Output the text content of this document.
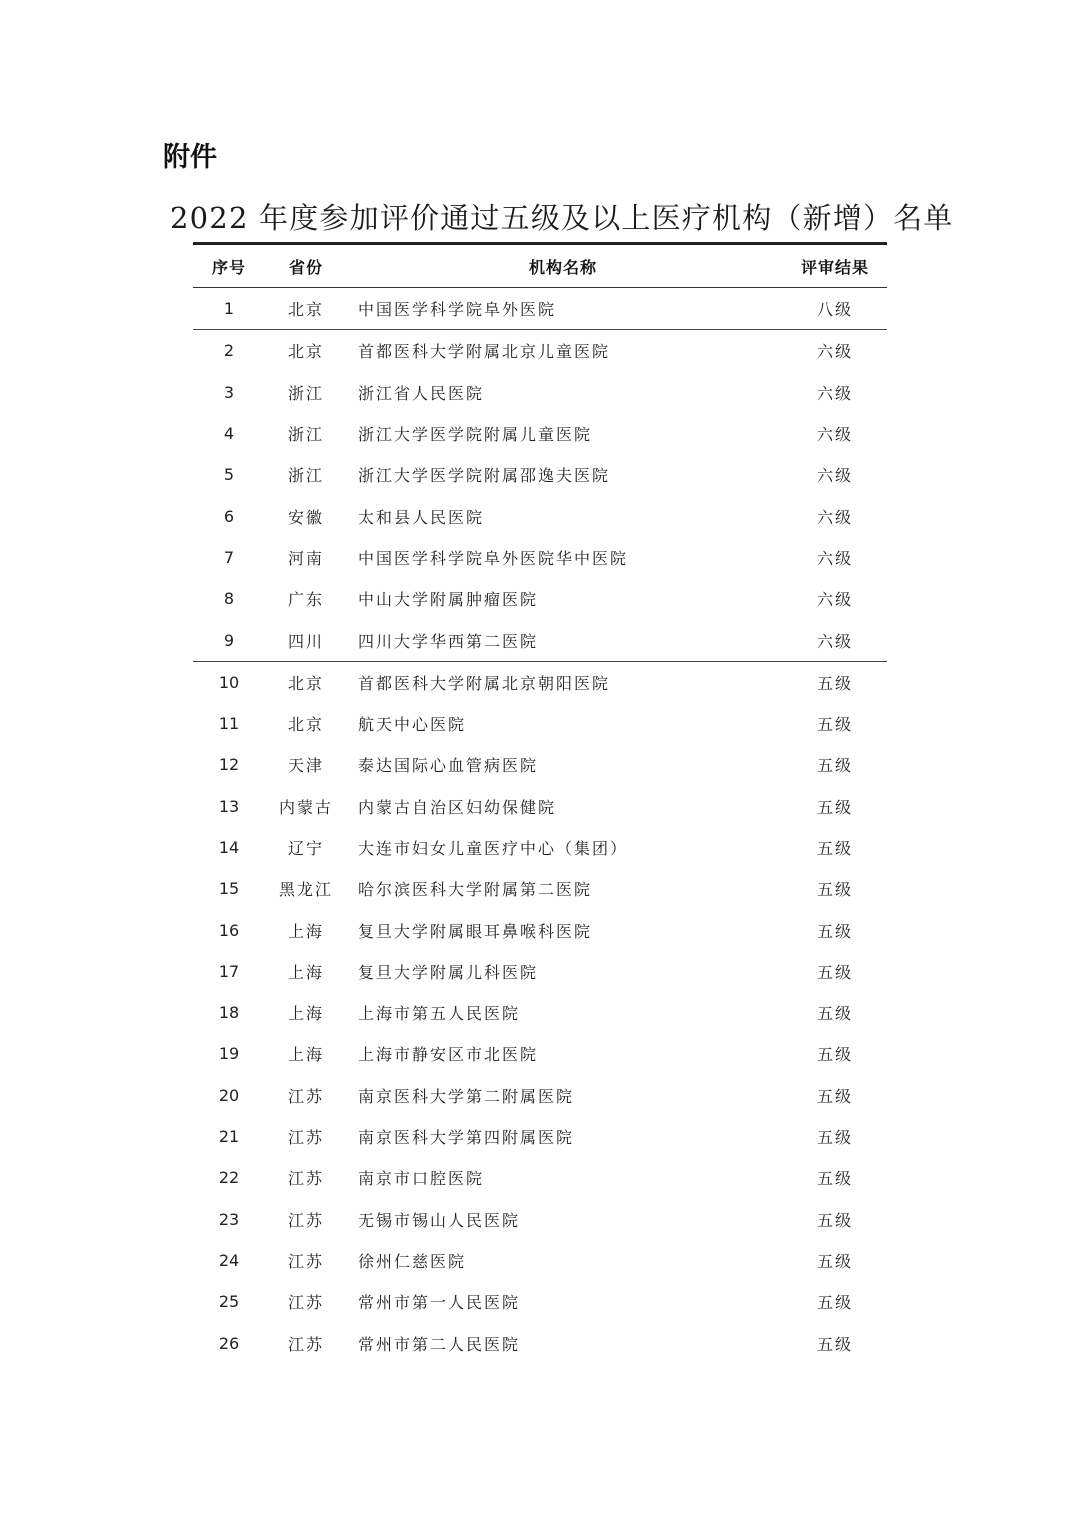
附件
2022 年度参加评价通过五级及以上医疗机构（新增）名单
序号	省份	机构名称	评审结果
1	北京	中国医学科学院阜外医院	八级
2	北京	首都医科大学附属北京儿童医院	六级
3	浙江	浙江省人民医院	六级
4	浙江	浙江大学医学院附属儿童医院	六级
5	浙江	浙江大学医学院附属邵逸夫医院	六级
6	安徽	太和县人民医院	六级
7	河南	中国医学科学院阜外医院华中医院	六级
8	广东	中山大学附属肿瘤医院	六级
9	四川	四川大学华西第二医院	六级
10	北京	首都医科大学附属北京朝阳医院	五级
11	北京	航天中心医院	五级
12	天津	泰达国际心血管病医院	五级
13	内蒙古	内蒙古自治区妇幼保健院	五级
14	辽宁	大连市妇女儿童医疗中心（集团）	五级
15	黑龙江	哈尔滨医科大学附属第二医院	五级
16	上海	复旦大学附属眼耳鼻喉科医院	五级
17	上海	复旦大学附属儿科医院	五级
18	上海	上海市第五人民医院	五级
19	上海	上海市静安区市北医院	五级
20	江苏	南京医科大学第二附属医院	五级
21	江苏	南京医科大学第四附属医院	五级
22	江苏	南京市口腔医院	五级
23	江苏	无锡市锡山人民医院	五级
24	江苏	徐州仁慈医院	五级
25	江苏	常州市第一人民医院	五级
26	江苏	常州市第二人民医院	五级
